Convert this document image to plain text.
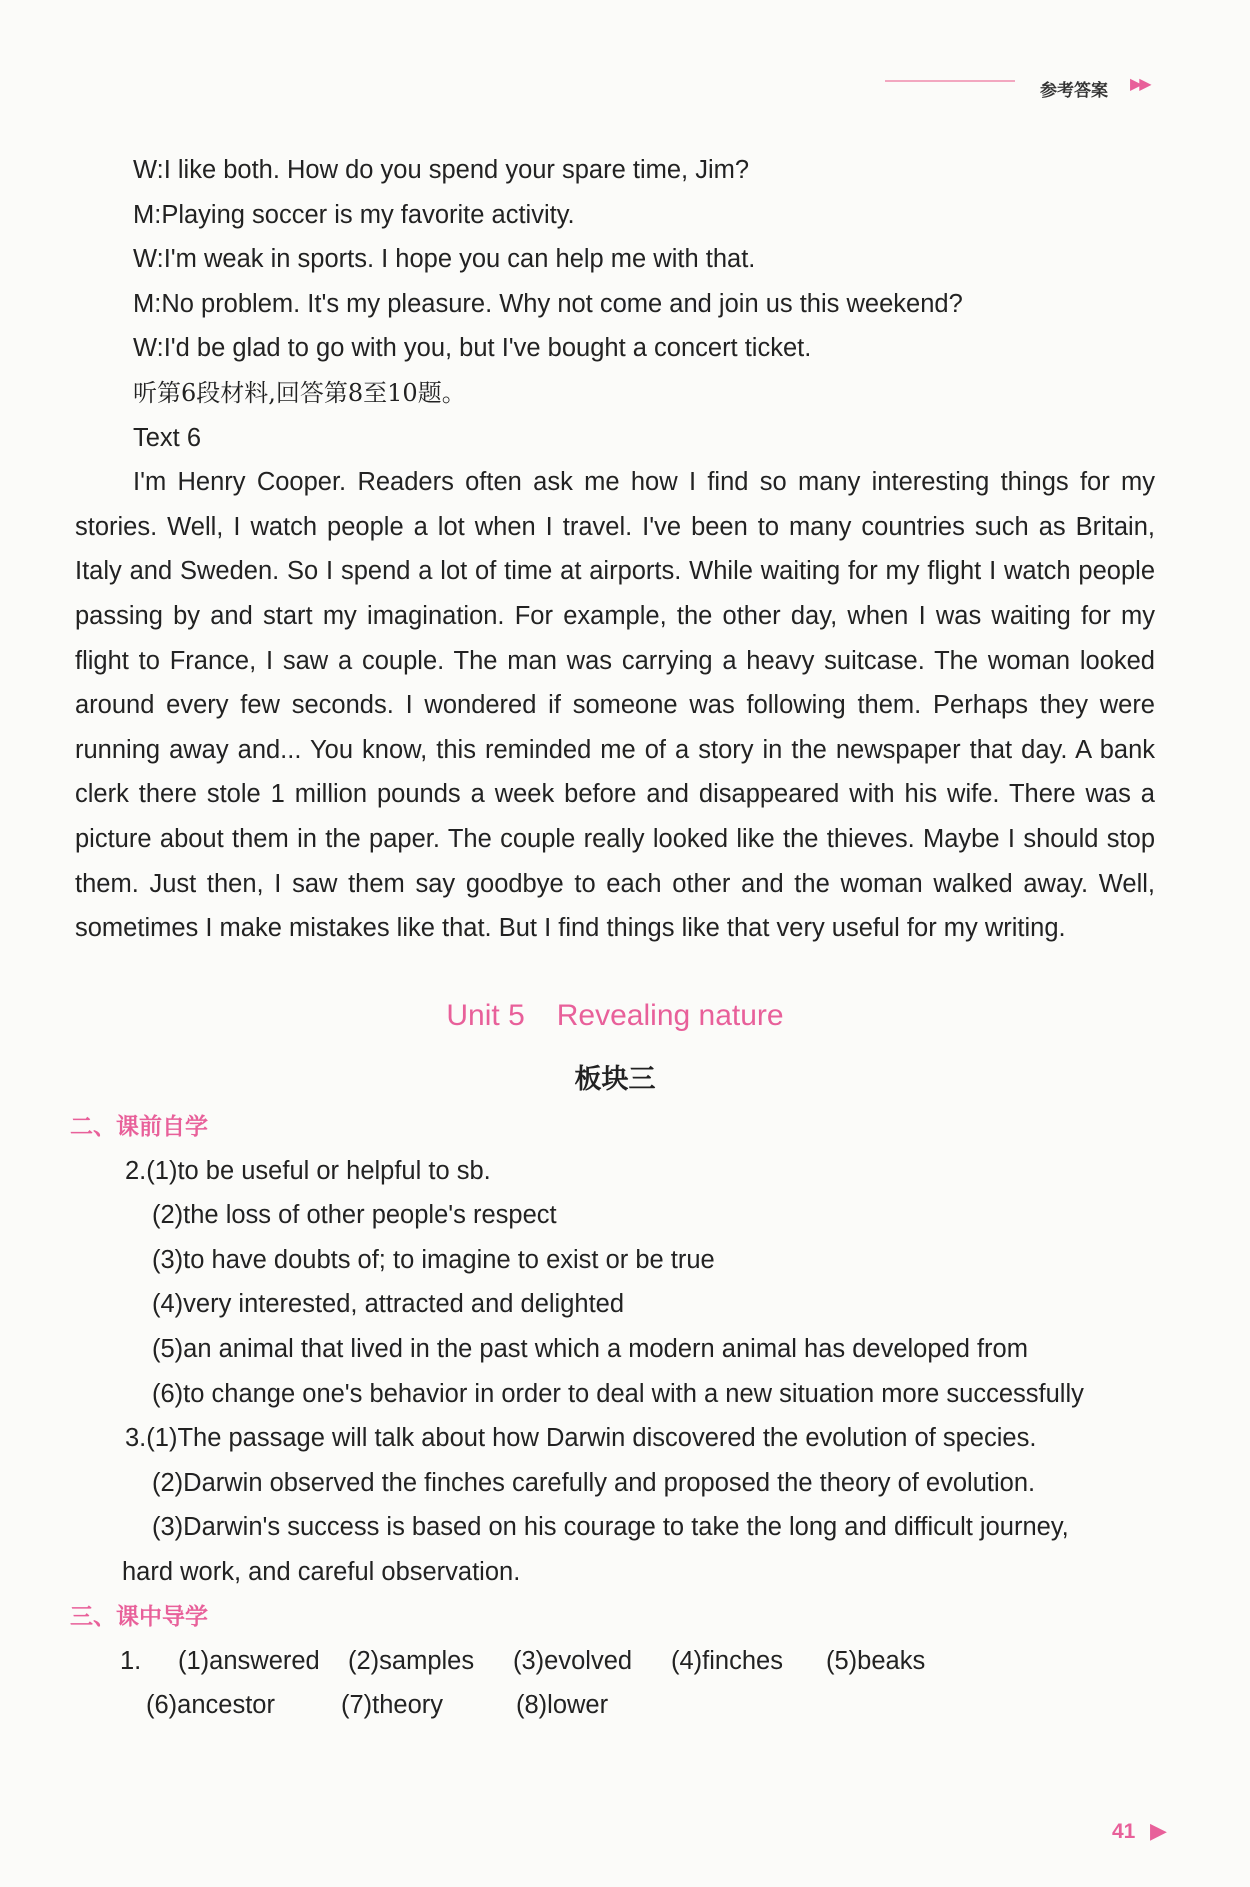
参考答案 ▶▶
W:I like both. How do you spend your spare time, Jim?
M:Playing soccer is my favorite activity.
W:I'm weak in sports. I hope you can help me with that.
M:No problem. It's my pleasure. Why not come and join us this weekend?
W:I'd be glad to go with you, but I've bought a concert ticket.
听第6段材料,回答第8至10题。
Text 6

I'm Henry Cooper. Readers often ask me how I find so many interesting things for my stories. Well, I watch people a lot when I travel. I've been to many countries such as Britain, Italy and Sweden. So I spend a lot of time at airports. While waiting for my flight I watch people passing by and start my imagination. For example, the other day, when I was waiting for my flight to France, I saw a couple. The man was carrying a heavy suitcase. The woman looked around every few seconds. I wondered if someone was following them. Perhaps they were running away and... You know, this reminded me of a story in the newspaper that day. A bank clerk there stole 1 million pounds a week before and disappeared with his wife. There was a picture about them in the paper. The couple really looked like the thieves. Maybe I should stop them. Just then, I saw them say goodbye to each other and the woman walked away. Well, sometimes I make mistakes like that. But I find things like that very useful for my writing.

Unit 5 Revealing nature
板块三
二、课前自学
2.(1)to be useful or helpful to sb.
(2)the loss of other people's respect
(3)to have doubts of; to imagine to exist or be true
(4)very interested, attracted and delighted
(5)an animal that lived in the past which a modern animal has developed from
(6)to change one's behavior in order to deal with a new situation more successfully
3.(1)The passage will talk about how Darwin discovered the evolution of species.
(2)Darwin observed the finches carefully and proposed the theory of evolution.
(3)Darwin's success is based on his courage to take the long and difficult journey,
hard work, and careful observation.
三、课中导学
1.	(1)answered	(2)samples	(3)evolved	(4)finches	(5)beaks
(6)ancestor	(7)theory	(8)lower
41 ▶
